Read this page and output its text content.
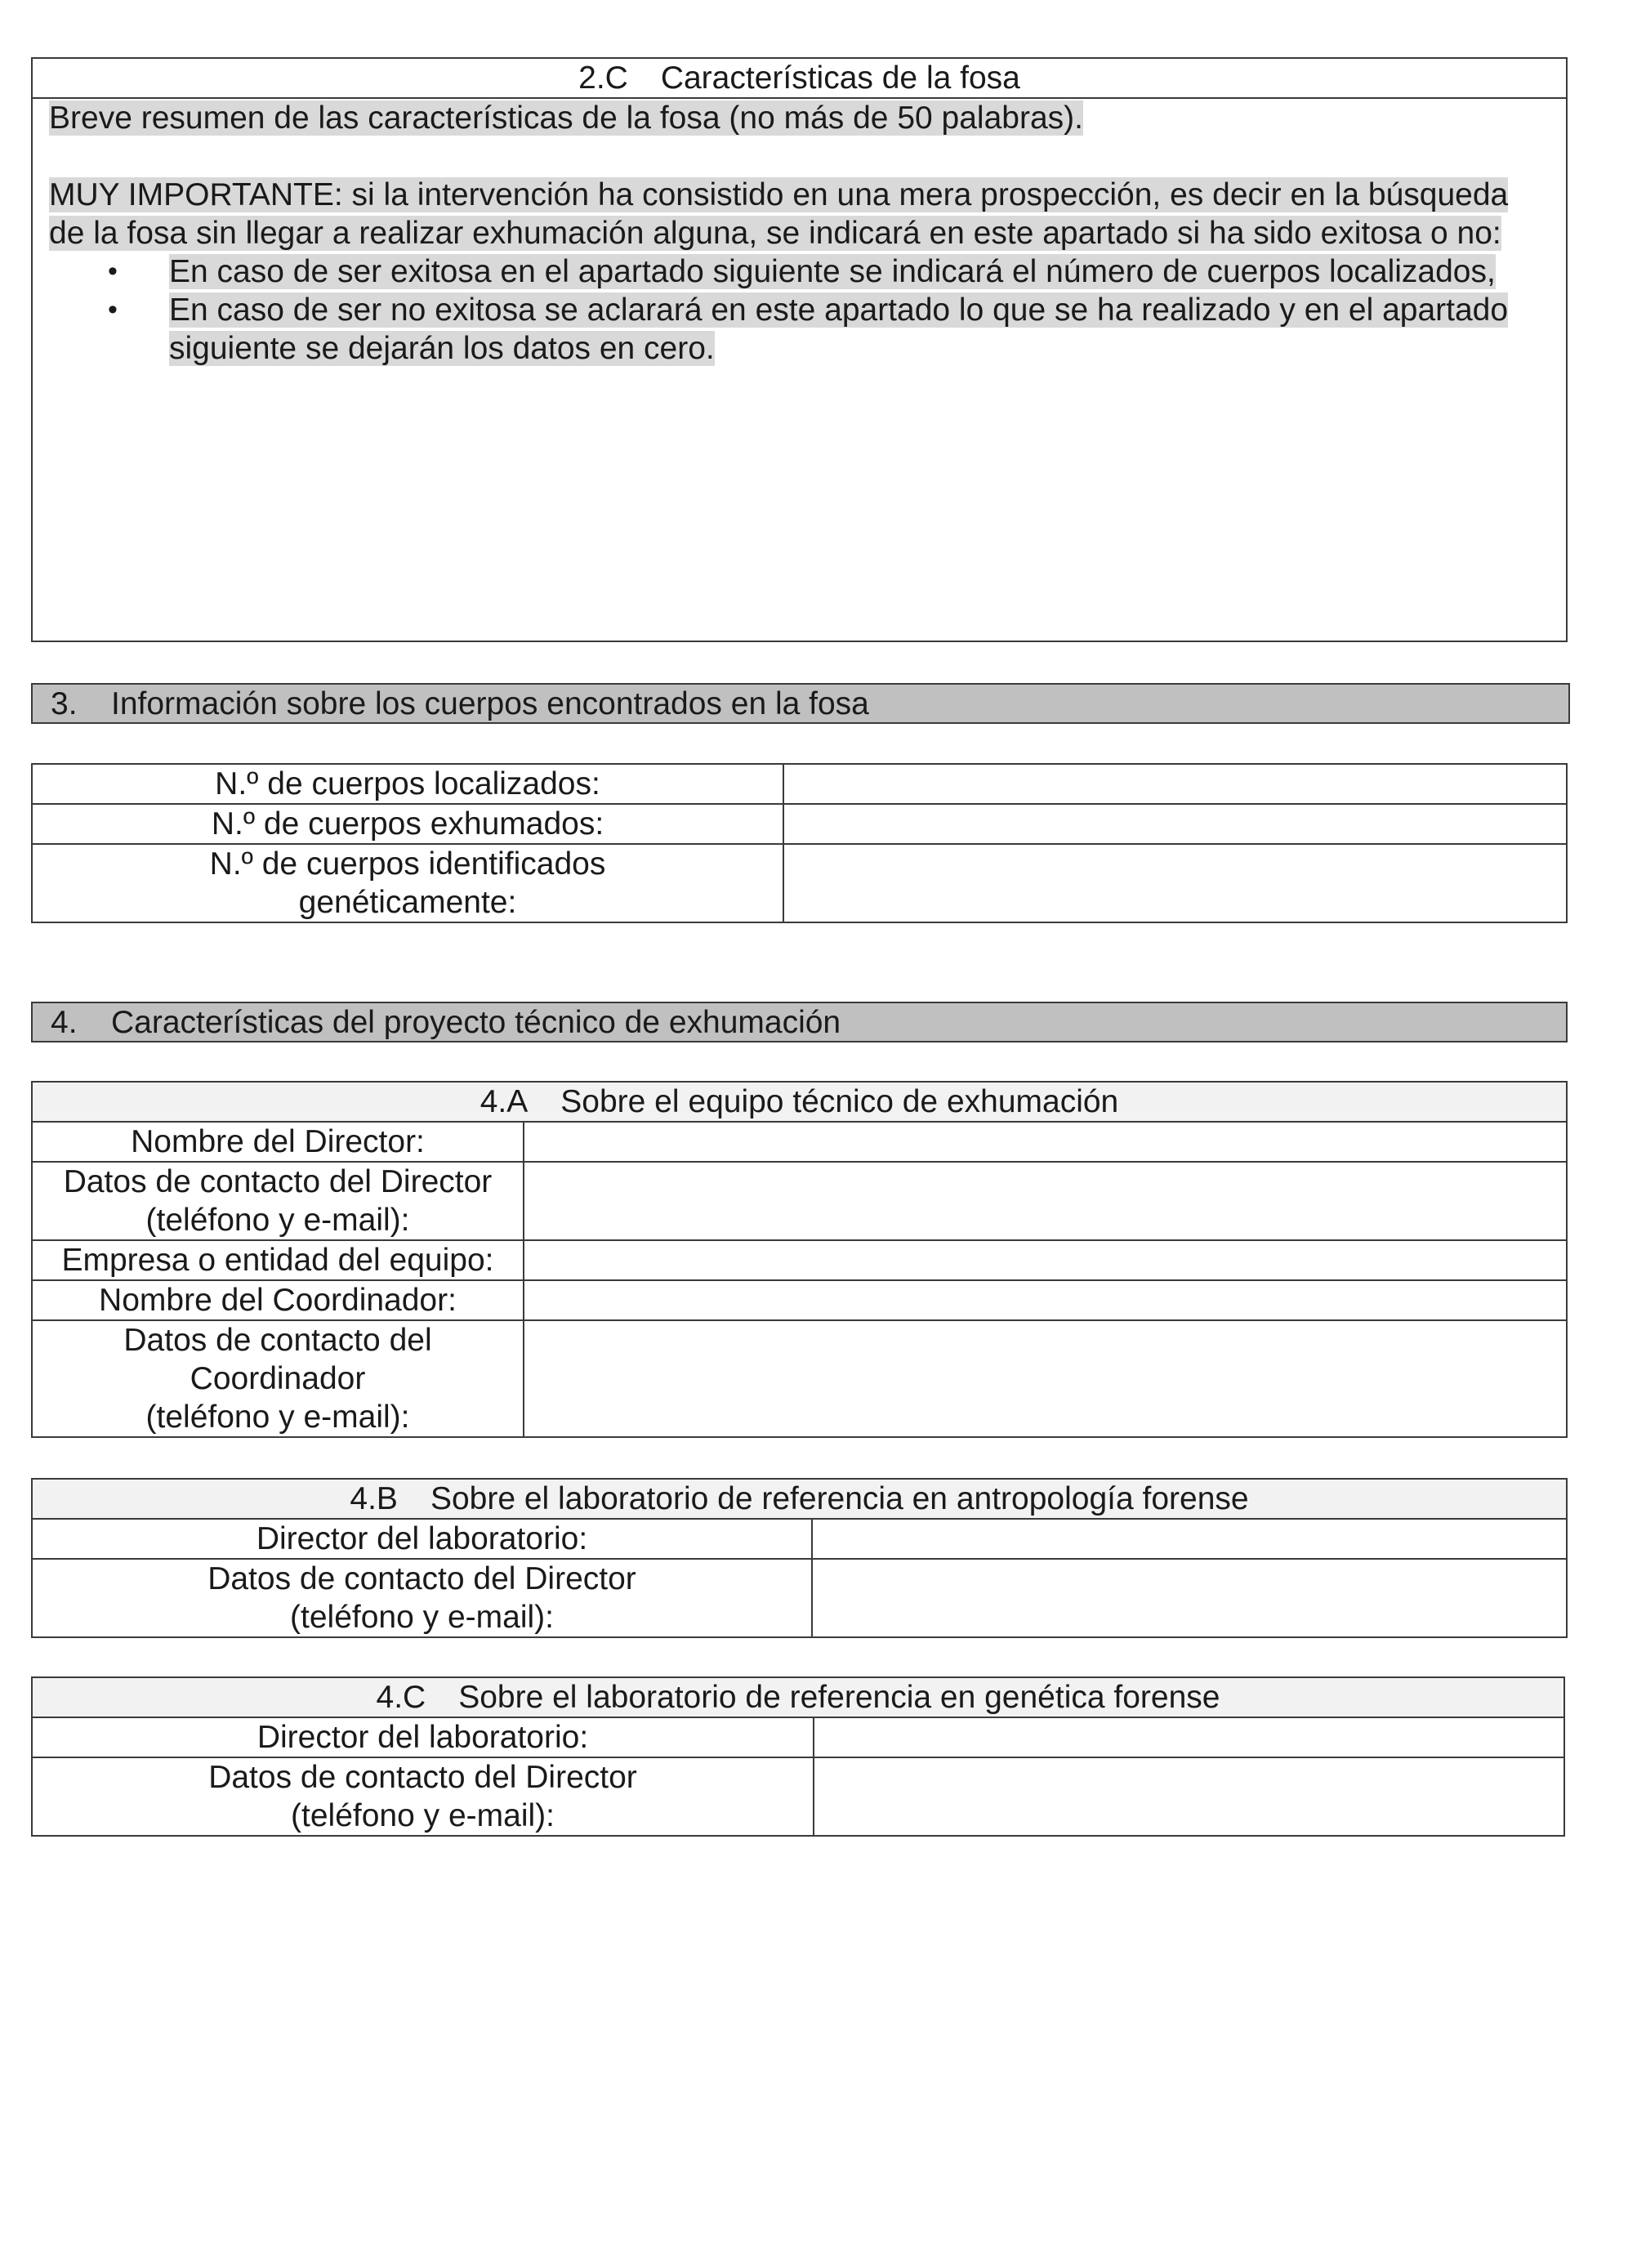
2.C Características de la fosa

Breve resumen de las características de la fosa (no más de 50 palabras).

MUY IMPORTANTE: si la intervención ha consistido en una mera prospección, es decir en la búsqueda de la fosa sin llegar a realizar exhumación alguna, se indicará en este apartado si ha sido exitosa o no:

• En caso de ser exitosa en el apartado siguiente se indicará el número de cuerpos localizados,
• En caso de ser no exitosa se aclarará en este apartado lo que se ha realizado y en el apartado siguiente se dejarán los datos en cero.
3. Información sobre los cuerpos encontrados en la fosa
N.º de cuerpos localizados:	
N.º de cuerpos exhumados:	

N.º de cuerpos identificados
genéticamente:	

4. Características del proyecto técnico de exhumación
4.A Sobre el equipo técnico de exhumación	
Nombre del Director:	

Datos de contacto del Director
(teléfono y e-mail):	

Empresa o entidad del equipo:	
Nombre del Coordinador:	

Datos de contacto del
Coordinador
(teléfono y e-mail):	

4.B Sobre el laboratorio de referencia en antropología forense	
Director del laboratorio:	

Datos de contacto del Director
(teléfono y e-mail):	

4.C Sobre el laboratorio de referencia en genética forense	
Director del laboratorio:	

Datos de contacto del Director
(teléfono y e-mail):	
